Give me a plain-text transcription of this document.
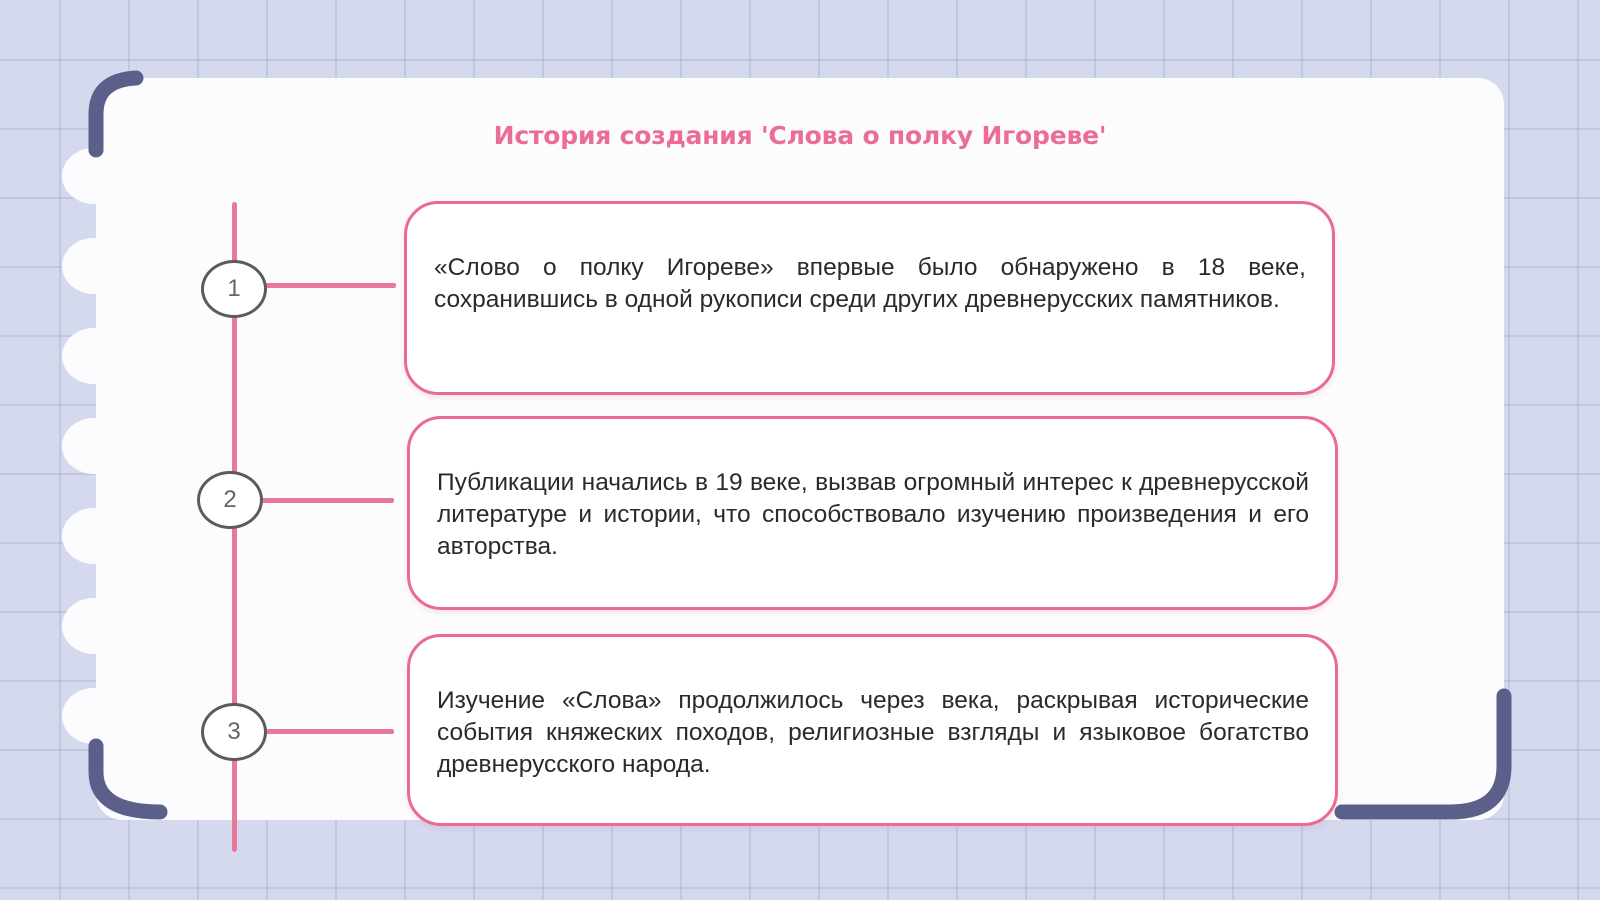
История создания 'Слова о полку Игореве'
1

«Слово о полку Игореве» впервые было обнаружено в 18 веке, сохранившись в одной рукописи среди других древнерусских памятников.

2

Публикации начались в 19 веке, вызвав огромный интерес к древнерусской литературе и истории, что способствовало изучению произведения и его авторства.

3

Изучение «Слова» продолжилось через века, раскрывая исторические события княжеских походов, религиозные взгляды и языковое богатство древнерусского народа.
